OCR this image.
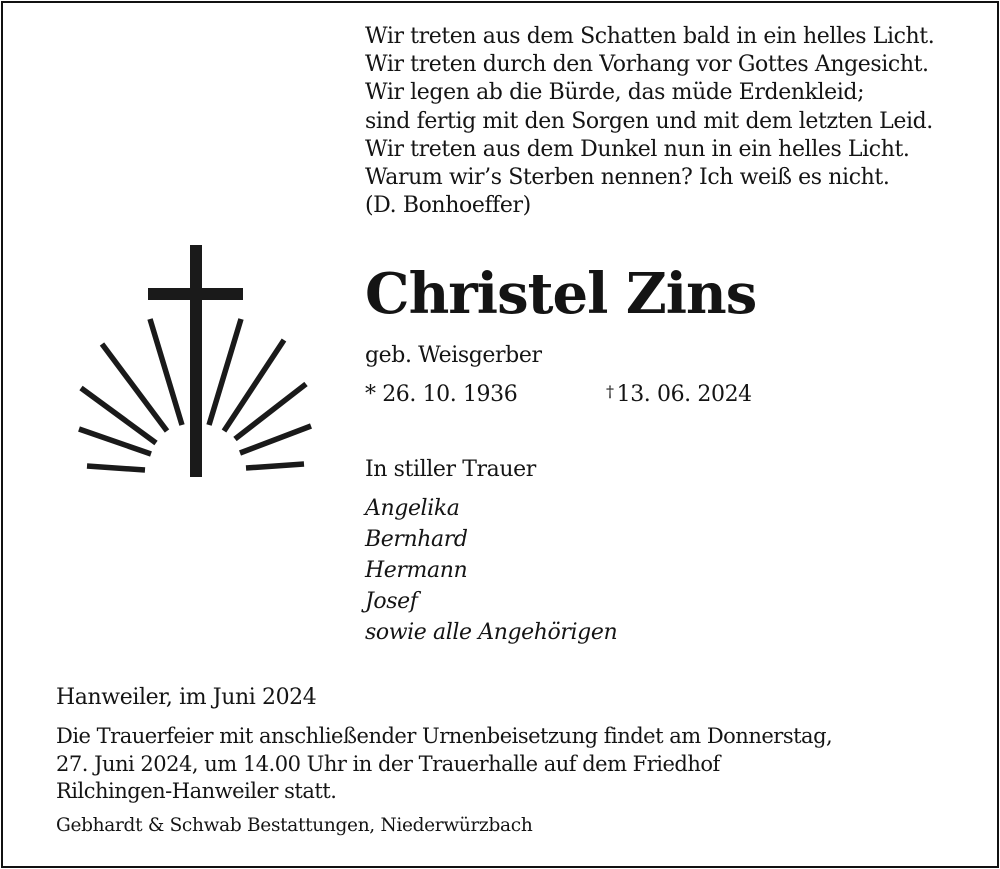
Wir treten aus dem Schatten bald in ein helles Licht.
Wir treten durch den Vorhang vor Gottes Angesicht.
Wir legen ab die Bürde, das müde Erdenkleid;
sind fertig mit den Sorgen und mit dem letzten Leid.
Wir treten aus dem Dunkel nun in ein helles Licht.
Warum wir’s Sterben nennen? Ich weiß es nicht.
(D. Bonhoeffer)
Christel Zins
geb. Weisgerber
* 26. 10. 1936	† 13. 06. 2024
In stiller Trauer
Angelika
Bernhard
Hermann
Josef
sowie alle Angehörigen
Hanweiler, im Juni 2024
Die Trauerfeier mit anschließender Urnenbeisetzung findet am Donnerstag,
27. Juni 2024, um 14.00 Uhr in der Trauerhalle auf dem Friedhof
Rilchingen-Hanweiler statt.
Gebhardt & Schwab Bestattungen, Niederwürzbach
